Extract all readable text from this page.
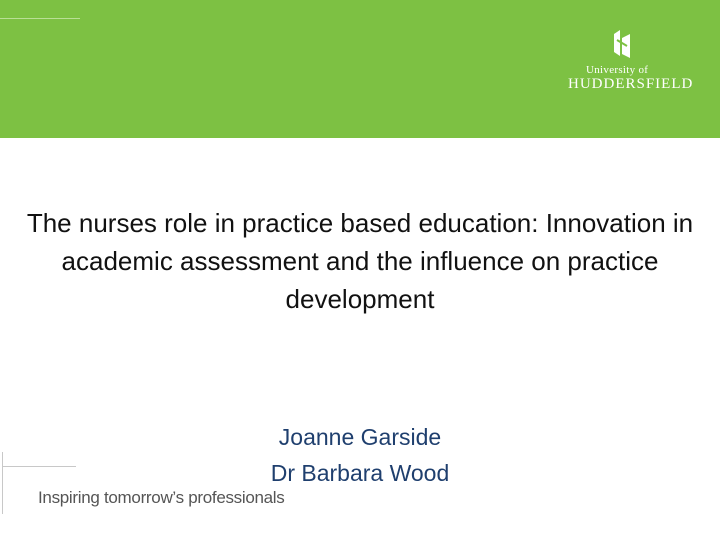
University of
HUDDERSFIELD
The nurses role in practice based education: Innovation in academic assessment and the influence on practice development
Joanne Garside
Dr Barbara Wood
Inspiring tomorrow’s professionals
